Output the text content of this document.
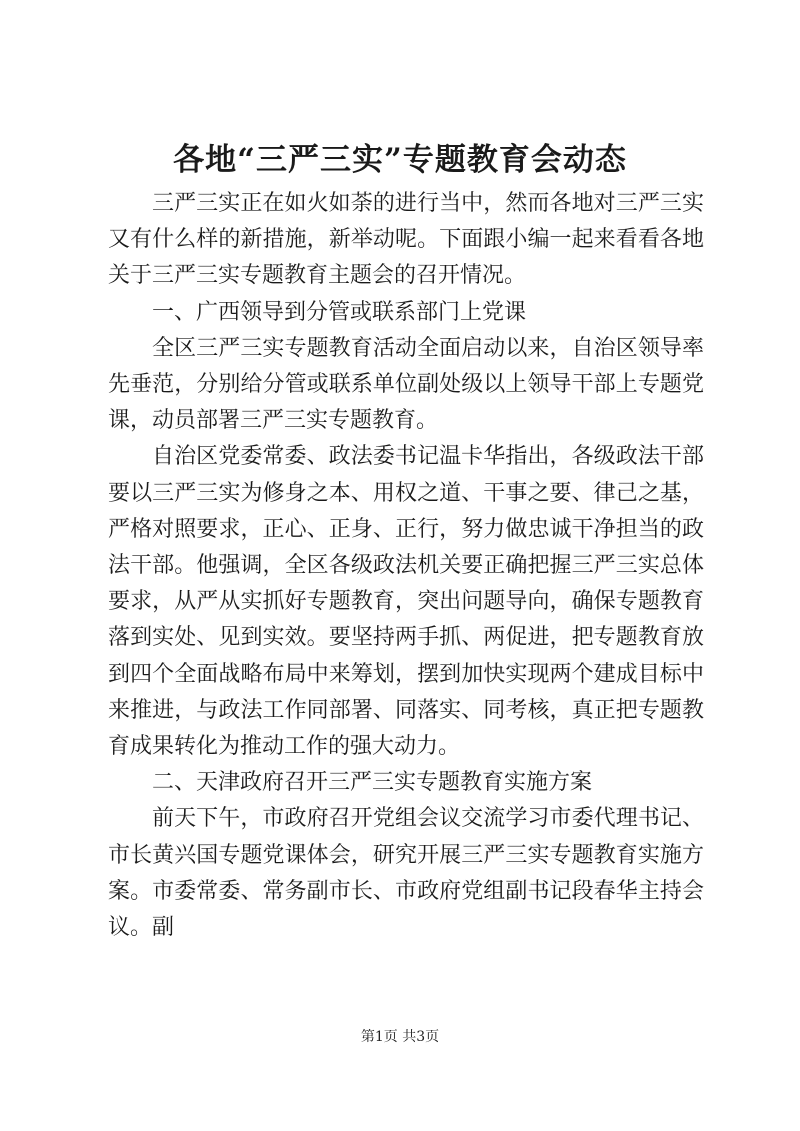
各地“三严三实”专题教育会动态

三严三实正在如火如荼的进行当中，然而各地对三严三实又有什么样的新措施，新举动呢。下面跟小编一起来看看各地关于三严三实专题教育主题会的召开情况。

一、广西领导到分管或联系部门上党课

全区三严三实专题教育活动全面启动以来，自治区领导率先垂范，分别给分管或联系单位副处级以上领导干部上专题党课，动员部署三严三实专题教育。

自治区党委常委、政法委书记温卡华指出，各级政法干部要以三严三实为修身之本、用权之道、干事之要、律己之基，严格对照要求，正心、正身、正行，努力做忠诚干净担当的政法干部。他强调，全区各级政法机关要正确把握三严三实总体要求，从严从实抓好专题教育，突出问题导向，确保专题教育落到实处、见到实效。要坚持两手抓、两促进，把专题教育放到四个全面战略布局中来筹划，摆到加快实现两个建成目标中来推进，与政法工作同部署、同落实、同考核，真正把专题教育成果转化为推动工作的强大动力。

二、天津政府召开三严三实专题教育实施方案

前天下午，市政府召开党组会议交流学习市委代理书记、市长黄兴国专题党课体会，研究开展三严三实专题教育实施方案。市委常委、常务副市长、市政府党组副书记段春华主持会议。副

第1页 共3页
